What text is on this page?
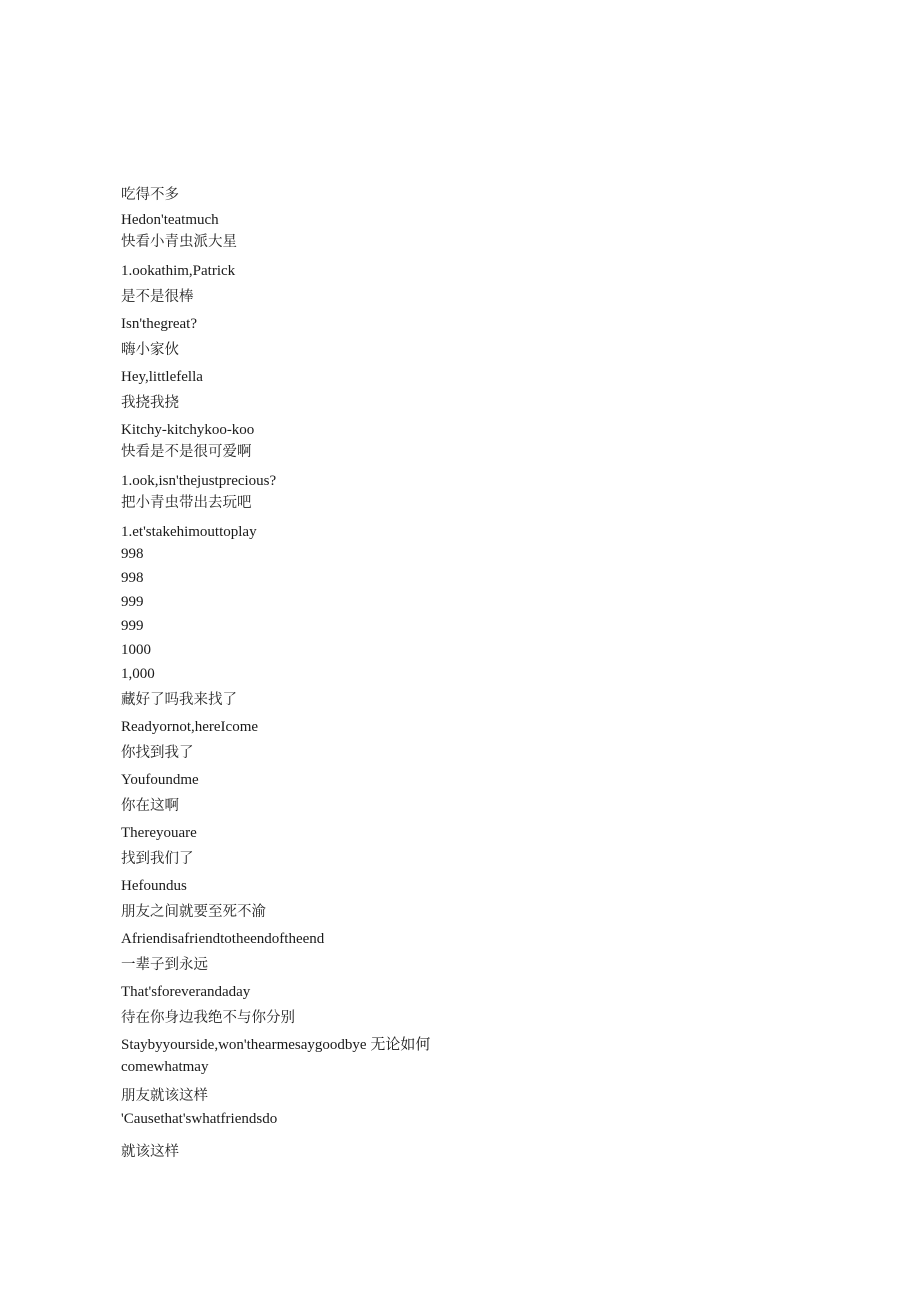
吃得不多
Hedon'teatmuch
快看小青虫派大星
1.ookathim,Patrick
是不是很棒
Isn'thegreat?
嗨小家伙
Hey,littlefella
我挠我挠
Kitchy-kitchykoo-koo
快看是不是很可爱啊
1.ook,isn'thejustprecious?
把小青虫带出去玩吧
1.et'stakehimouttoplay
998
998
999
999
1000
1,000
藏好了吗我来找了
Readyornot,hereIcome
你找到我了
Youfoundme
你在这啊
Thereyouare
找到我们了
Hefoundus
朋友之间就要至死不渝
Afriendisafriendtotheendoftheend
一辈子到永远
That'sforeverandaday
待在你身边我绝不与你分别
Staybyyourside,won'thearmesaygoodbye 无论如何
comewhatmay
朋友就该这样
'Causethat'swhatfriendsdo
就该这样
